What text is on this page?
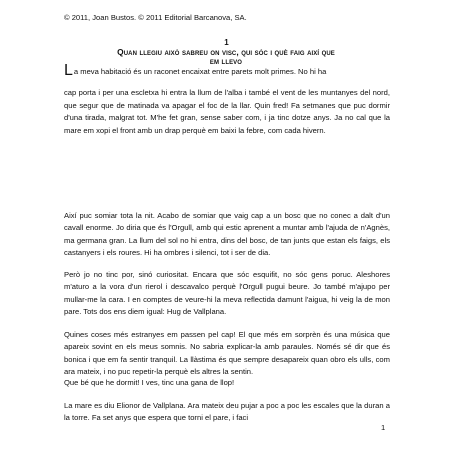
© 2011, Joan Bustos. © 2011 Editorial Barcanova, SA.
1
Quan llegiu això sabreu on visc, qui sóc i què faig així que
em llevo

La meva habitació és un raconet encaixat entre parets molt primes. No hi ha
cap porta i per una escletxa hi entra la llum de l'alba i també el vent de les muntanyes del nord, que segur que de matinada va apagar el foc de la llar. Quin fred! Fa setmanes que puc dormir d'una tirada, malgrat tot. M'he fet gran, sense saber com, i ja tinc dotze anys. Ja no cal que la mare em xopi el front amb un drap perquè em baixi la febre, com cada hivern.

Així puc somiar tota la nit. Acabo de somiar que vaig cap a un bosc que no conec a dalt d'un cavall enorme. Jo diria que és l'Orgull, amb qui estic aprenent a muntar amb l'ajuda de n'Agnès, ma germana gran. La llum del sol no hi entra, dins del bosc, de tan junts que estan els faigs, els castanyers i els roures. Hi ha ombres i silenci, tot i ser de dia.

Però jo no tinc por, sinó curiositat. Encara que sóc esquifit, no sóc gens poruc. Aleshores m'aturo a la vora d'un rierol i descavalco perquè l'Orgull pugui beure. Jo també m'ajupo per mullar-me la cara. I en comptes de veure-hi la meva reflectida damunt l'aigua, hi veig la de mon pare. Tots dos ens diem igual: Hug de Vallplana.

Quines coses més estranyes em passen pel cap! El que més em sorprèn és una música que apareix sovint en els meus somnis. No sabria explicar-la amb paraules. Només sé dir que és bonica i que em fa sentir tranquil. La llàstima és que sempre desapareix quan obro els ulls, com ara mateix, i no puc repetir-la perquè els altres la sentin.

Que bé que he dormit! I ves, tinc una gana de llop!

La mare es diu Elionor de Vallplana. Ara mateix deu pujar a poc a poc les escales que la duran a la torre. Fa set anys que espera que torni el pare, i faci

1
